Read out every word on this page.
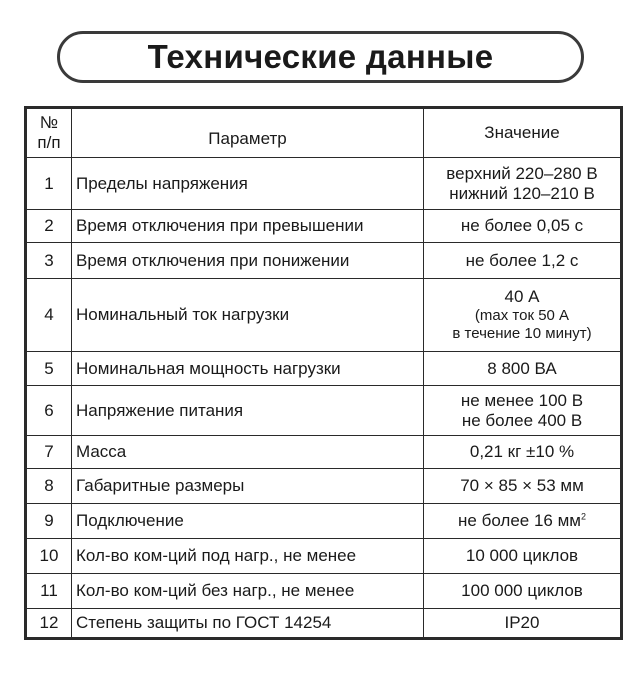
Технические данные
№
п/п	Параметр	Значение
1	Пределы напряжения	верхний 220–280 В
нижний 120–210 В

2	Время отключения при превышении	не более 0,05 с
3	Время отключения при понижении	не более 1,2 с
4	Номинальный ток нагрузки	40 А
(max ток 50 А
в течение 10 минут)

5	Номинальная мощность нагрузки	8 800 ВА
6	Напряжение питания	не менее 100 В
не более 400 В

7	Масса	0,21 кг ±10 %
8	Габаритные размеры	70 × 85 × 53 мм
9	Подключение	не более 16 $мм^2$
10	Кол-во ком-ций под нагр., не менее	10 000 циклов
11	Кол-во ком-ций без нагр., не менее	100 000 циклов
12	Степень защиты по ГОСТ 14254	IP20
